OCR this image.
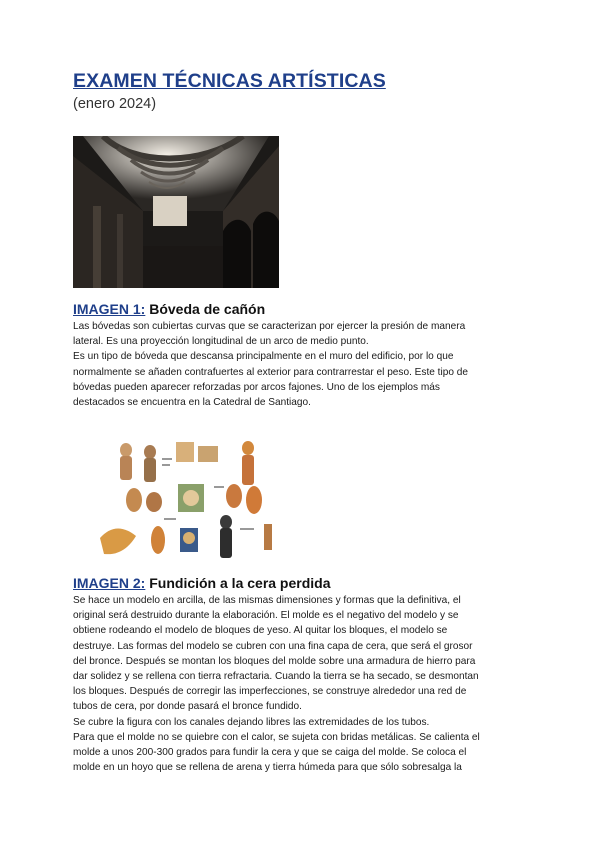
EXAMEN TÉCNICAS ARTÍSTICAS
(enero 2024)
IMAGEN 1: Bóveda de cañón
Las bóvedas son cubiertas curvas que se caracterizan por ejercer la presión de manera
lateral. Es una proyección longitudinal de un arco de medio punto.
Es un tipo de bóveda que descansa principalmente en el muro del edificio, por lo que
normalmente se añaden contrafuertes al exterior para contrarrestar el peso. Este tipo de
bóvedas pueden aparecer reforzadas por arcos fajones. Uno de los ejemplos más
destacados se encuentra en la Catedral de Santiago.
IMAGEN 2: Fundición a la cera perdida
Se hace un modelo en arcilla, de las mismas dimensiones y formas que la definitiva, el
original será destruido durante la elaboración. El molde es el negativo del modelo y se
obtiene rodeando el modelo de bloques de yeso. Al quitar los bloques, el modelo se
destruye. Las formas del modelo se cubren con una fina capa de cera, que será el grosor
del bronce. Después se montan los bloques del molde sobre una armadura de hierro para
dar solidez y se rellena con tierra refractaria. Cuando la tierra se ha secado, se desmontan
los bloques. Después de corregir las imperfecciones, se construye alrededor una red de
tubos de cera, por donde pasará el bronce fundido.
Se cubre la figura con los canales dejando libres las extremidades de los tubos.
Para que el molde no se quiebre con el calor, se sujeta con bridas metálicas. Se calienta el
molde a unos 200-300 grados para fundir la cera y que se caiga del molde. Se coloca el
molde en un hoyo que se rellena de arena y tierra húmeda para que sólo sobresalga la
